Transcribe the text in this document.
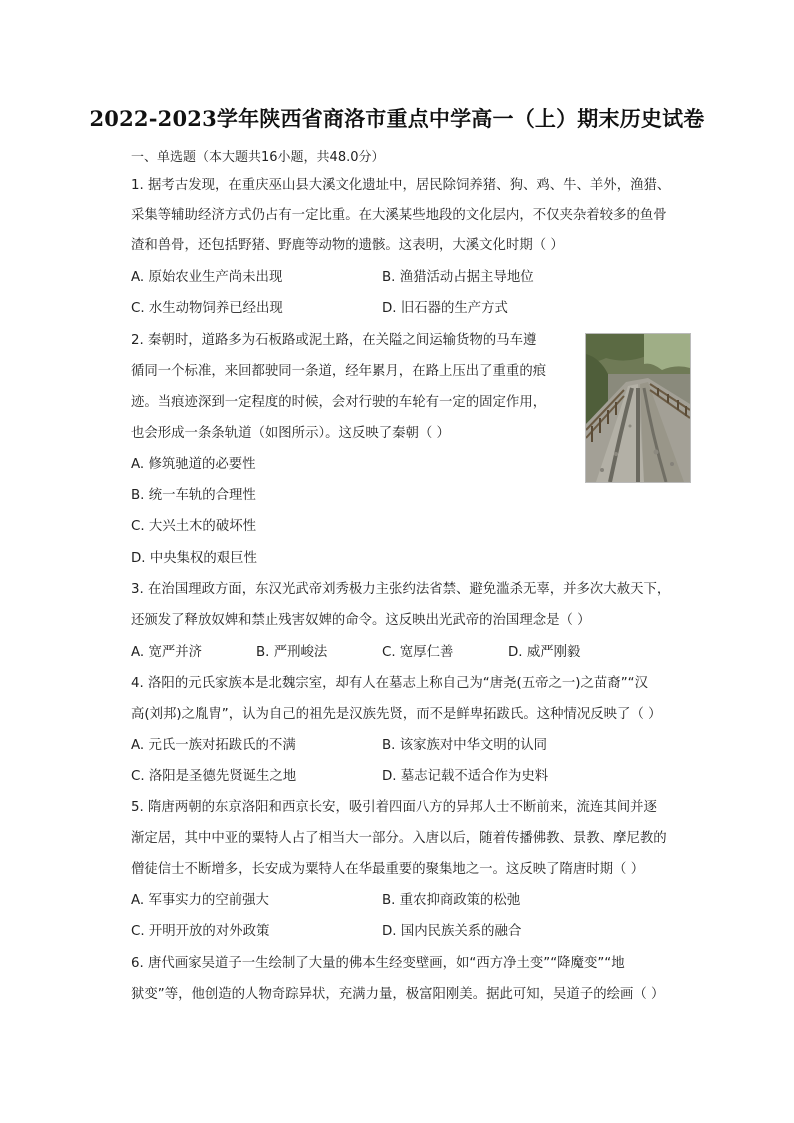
2022-2023学年陕西省商洛市重点中学高一（上）期末历史试卷
一、单选题（本大题共16小题，共48.0分）
1. 据考古发现，在重庆巫山县大溪文化遗址中，居民除饲养猪、狗、鸡、牛、羊外，渔猎、
采集等辅助经济方式仍占有一定比重。在大溪某些地段的文化层内，不仅夹杂着较多的鱼骨
渣和兽骨，还包括野猪、野鹿等动物的遗骸。这表明，大溪文化时期（ ）
A. 原始农业生产尚未出现	B. 渔猎活动占据主导地位
C. 水生动物饲养已经出现	D. 旧石器的生产方式
2. 秦朝时，道路多为石板路或泥土路，在关隘之间运输货物的马车遵
循同一个标准，来回都驶同一条道，经年累月，在路上压出了重重的痕
迹。当痕迹深到一定程度的时候，会对行驶的车轮有一定的固定作用，
也会形成一条条轨道（如图所示）。这反映了秦朝（ ）
A. 修筑驰道的必要性
B. 统一车轨的合理性
C. 大兴土木的破坏性
D. 中央集权的艰巨性
3. 在治国理政方面，东汉光武帝刘秀极力主张约法省禁、避免滥杀无辜，并多次大赦天下，
还颁发了释放奴婢和禁止残害奴婢的命令。这反映出光武帝的治国理念是（ ）
A. 宽严并济	B. 严刑峻法	C. 宽厚仁善	D. 威严刚毅
4. 洛阳的元氏家族本是北魏宗室，却有人在墓志上称自己为“唐尧(五帝之一)之苗裔”“汉
高(刘邦)之胤胄”，认为自己的祖先是汉族先贤，而不是鲜卑拓跋氏。这种情况反映了（ ）
A. 元氏一族对拓跋氏的不满	B. 该家族对中华文明的认同
C. 洛阳是圣德先贤诞生之地	D. 墓志记载不适合作为史料
5. 隋唐两朝的东京洛阳和西京长安，吸引着四面八方的异邦人士不断前来，流连其间并逐
渐定居，其中中亚的粟特人占了相当大一部分。入唐以后，随着传播佛教、景教、摩尼教的
僧徒信士不断增多，长安成为粟特人在华最重要的聚集地之一。这反映了隋唐时期（ ）
A. 军事实力的空前强大	B. 重农抑商政策的松弛
C. 开明开放的对外政策	D. 国内民族关系的融合
6. 唐代画家吴道子一生绘制了大量的佛本生经变壁画，如“西方净土变”“降魔变”“地
狱变”等，他创造的人物奇踪异状，充满力量，极富阳刚美。据此可知，吴道子的绘画（ ）
